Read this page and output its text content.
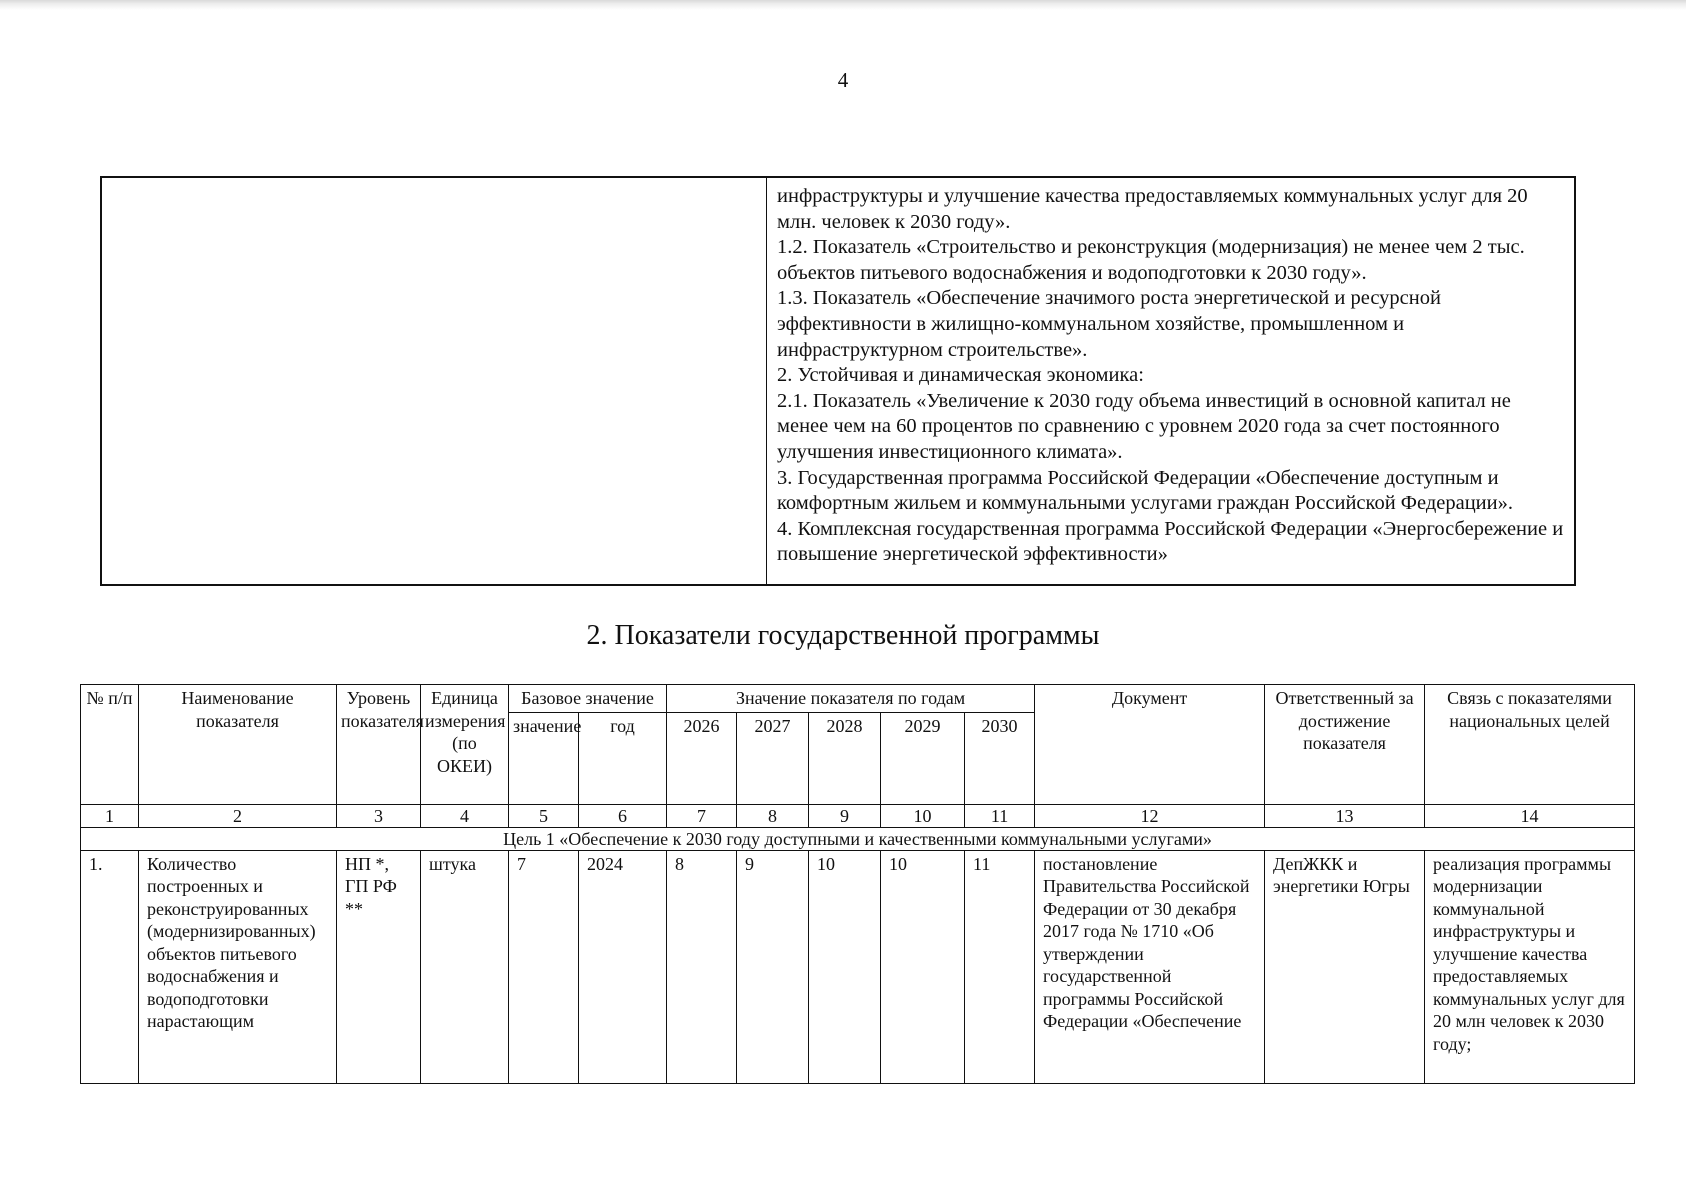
4

инфраструктуры и улучшение качества предоставляемых коммунальных услуг для 20 млн. человек к 2030 году».

1.2. Показатель «Строительство и реконструкция (модернизация) не менее чем 2 тыс. объектов питьевого водоснабжения и водоподготовки к 2030 году».

1.3. Показатель «Обеспечение значимого роста энергетической и ресурсной эффективности в жилищно-коммунальном хозяйстве, промышленном и инфраструктурном строительстве».

2. Устойчивая и динамическая экономика:

2.1. Показатель «Увеличение к 2030 году объема инвестиций в основной капитал не менее чем на 60 процентов по сравнению с уровнем 2020 года за счет постоянного улучшения инвестиционного климата».

3. Государственная программа Российской Федерации «Обеспечение доступным и комфортным жильем и коммунальными услугами граждан Российской Федерации».

4. Комплексная государственная программа Российской Федерации «Энергосбережение и повышение энергетической эффективности»

2. Показатели государственной программы
№ п/п	Наименование показателя	Уровень показателя	Единица измерения (по ОКЕИ)	Базовое значение		Значение показателя по годам					Документ	Ответственный за достижение показателя	Связь с показателями национальных целей
				значение	год	2026	2027	2028	2029	2030			
1	2	3	4	5	6	7	8	9	10	11	12	13	14
Цель 1 «Обеспечение к 2030 году доступными и качественными коммунальными услугами»													
1.	Количество построенных и реконструированных (модернизированных) объектов питьевого водоснабжения и водоподготовки нарастающим	НП *, ГП РФ **	штука	7	2024	8	9	10	10	11	постановление Правительства Российской Федерации от 30 декабря 2017 года № 1710 «Об утверждении государственной программы Российской Федерации «Обеспечение	ДепЖКК и энергетики Югры	реализация программы модернизации коммунальной инфраструктуры и улучшение качества предоставляемых коммунальных услуг для 20 млн человек к 2030 году;
